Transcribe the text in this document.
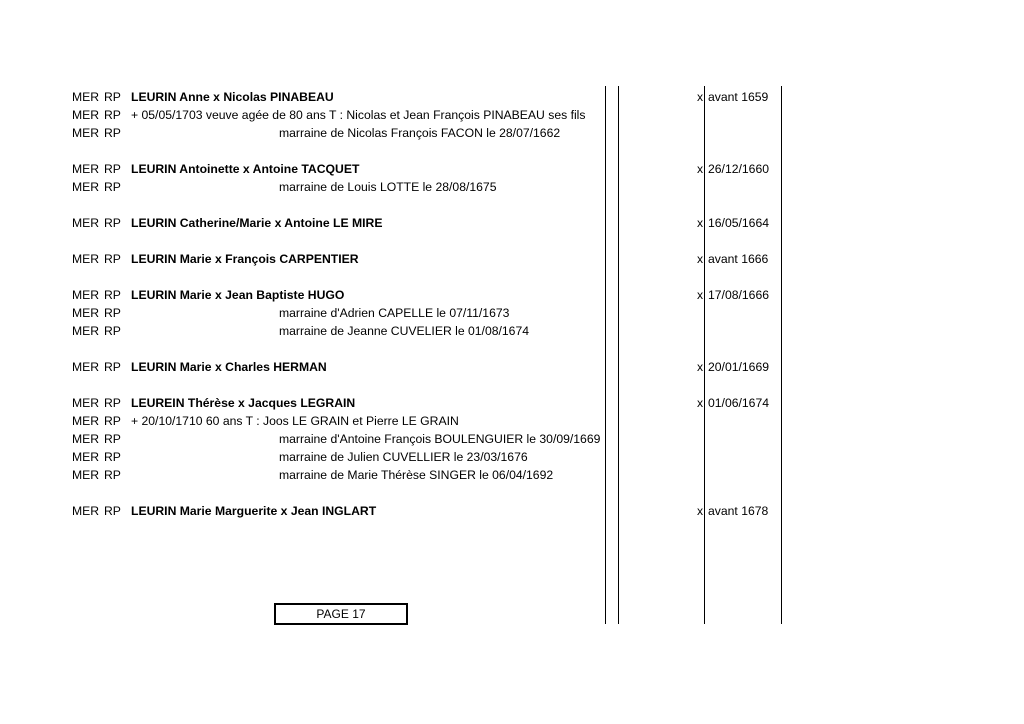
MER RP LEURIN Anne x Nicolas PINABEAU	x avant 1659
MER RP + 05/05/1703 veuve agée de 80 ans T : Nicolas et Jean François PINABEAU ses fils
MER RP	marraine de Nicolas François FACON le 28/07/1662
MER RP LEURIN Antoinette x Antoine TACQUET	x 26/12/1660
MER RP	marraine de Louis LOTTE le 28/08/1675
MER RP LEURIN Catherine/Marie x Antoine LE MIRE	x 16/05/1664
MER RP LEURIN Marie x François CARPENTIER	x avant 1666
MER RP LEURIN Marie x Jean Baptiste HUGO	x 17/08/1666
MER RP	marraine d'Adrien CAPELLE le 07/11/1673
MER RP	marraine de Jeanne CUVELIER le 01/08/1674
MER RP LEURIN Marie x Charles HERMAN	x 20/01/1669
MER RP LEUREIN Thérèse x Jacques LEGRAIN	x 01/06/1674
MER RP + 20/10/1710 60 ans T : Joos LE GRAIN et Pierre LE GRAIN
MER RP	marraine d'Antoine François BOULENGUIER le 30/09/1669
MER RP	marraine de Julien CUVELLIER le 23/03/1676
MER RP	marraine de Marie Thérèse SINGER le 06/04/1692
MER RP LEURIN Marie Marguerite x Jean INGLART	x avant 1678
PAGE 17
